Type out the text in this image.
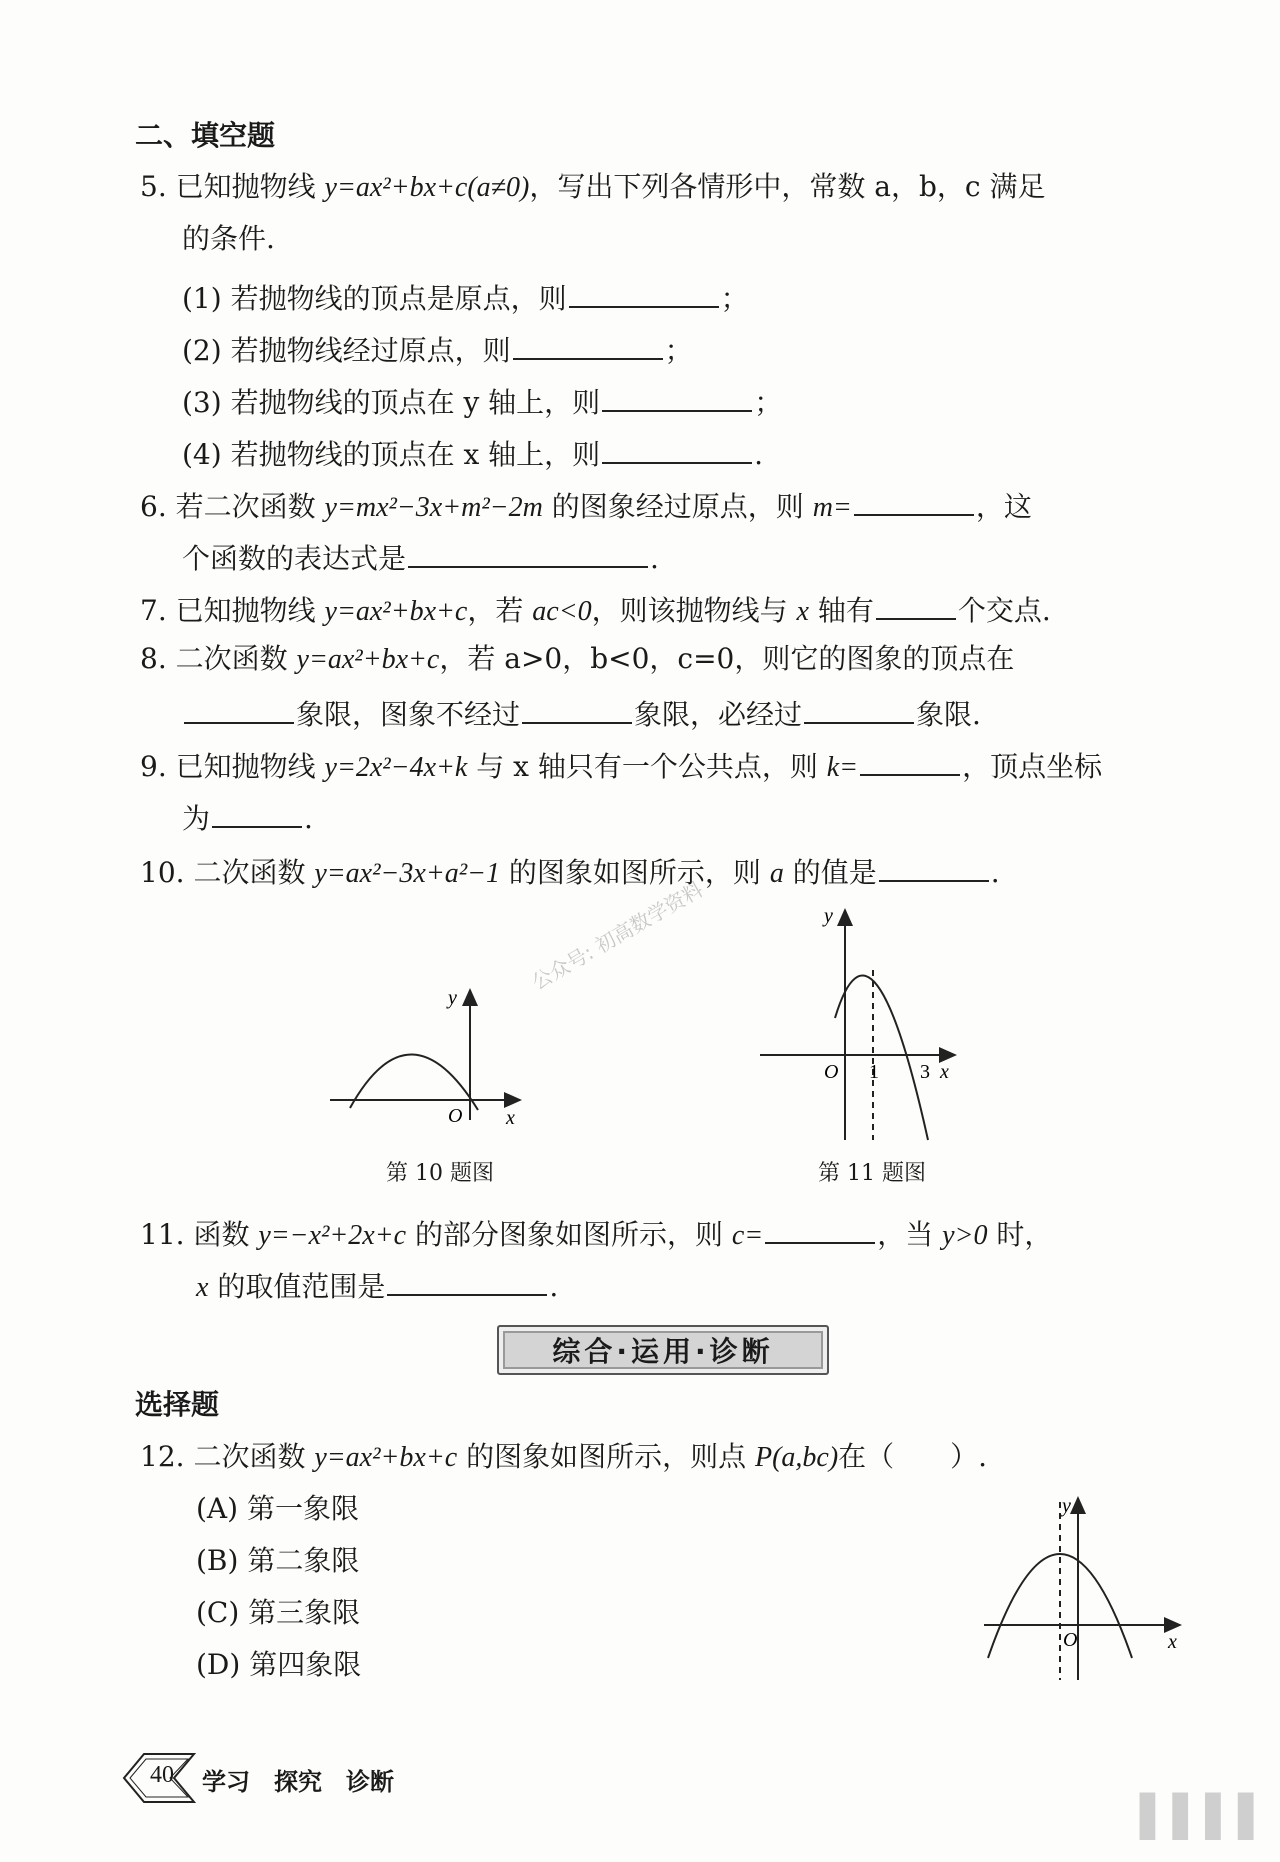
二、填空题
5. 已知抛物线 y=ax²+bx+c(a≠0)，写出下列各情形中，常数 a，b，c 满足
的条件.
(1) 若抛物线的顶点是原点，则	；
(2) 若抛物线经过原点，则	；
(3) 若抛物线的顶点在 y 轴上，则	；
(4) 若抛物线的顶点在 x 轴上，则	.
6. 若二次函数 y=mx²−3x+m²−2m 的图象经过原点，则 m=	，这
个函数的表达式是	.
7. 已知抛物线 y=ax²+bx+c，若 ac<0，则该抛物线与 x 轴有	个交点.
8. 二次函数 y=ax²+bx+c，若 a>0，b<0，c=0，则它的图象的顶点在
象限，图象不经过	象限，必经过	象限.
9. 已知抛物线 y=2x²−4x+k 与 x 轴只有一个公共点，则 k=	，顶点坐标
为	.
10. 二次函数 y=ax²−3x+a²−1 的图象如图所示，则 a 的值是	.
公众号: 初高数学资料
y
x
O
第 10 题图
y
x
O 1 3
第 11 题图
11. 函数 y=−x²+2x+c 的部分图象如图所示，则 c=	，当 y>0 时，
x 的取值范围是	.
综合·运用·诊断
选择题
12. 二次函数 y=ax²+bx+c 的图象如图所示，则点 P(a,bc)在（　　）.
(A) 第一象限
(B) 第二象限
(C) 第三象限
(D) 第四象限
y
x
O
40 学习　探究　诊断
▌▌▌▌
